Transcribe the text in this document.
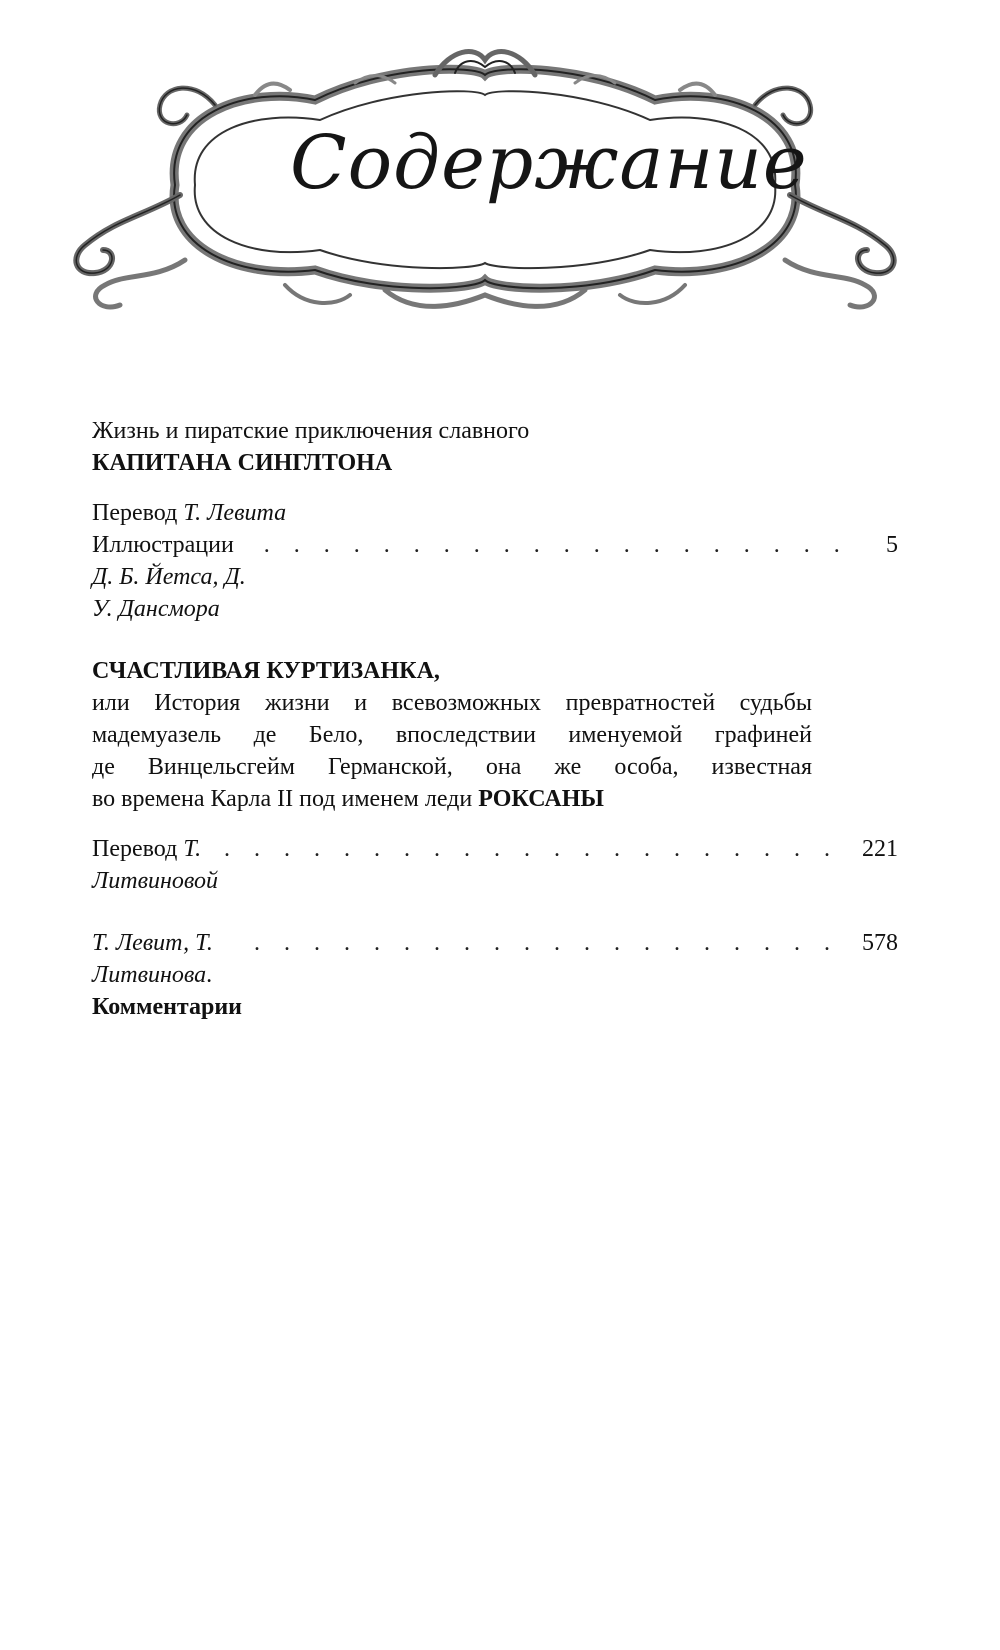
Содержание
Жизнь и пиратские приключения славного
КАПИТАНА СИНГЛТОНА
Перевод Т. Левита
Иллюстрации Д. Б. Йетса, Д. У. Дансмора
. . .
5
СЧАСТЛИВАЯ КУРТИЗАНКА,
или История жизни и всевозможных превратностей судьбы
мадемуазель де Бело, впоследствии именуемой графиней
де Винцельсгейм Германской, она же особа, известная
во времена Карла II под именем леди РОКСАНЫ
Перевод Т. Литвиновой
. . .
221
Т. Левит, Т. Литвинова. Комментарии
. . .
578
